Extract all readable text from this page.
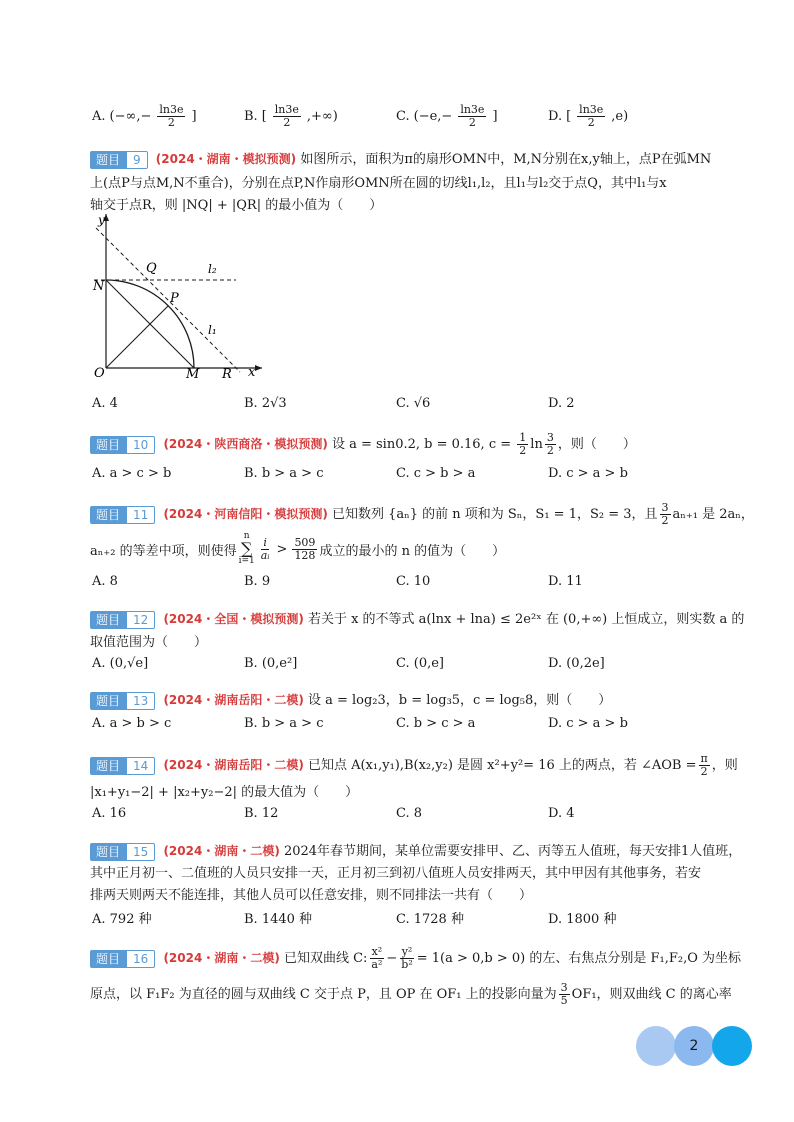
A. (−∞,− $\frac{\ln 3e}{2}$ ]	B. [ $\frac{\ln 3e}{2}$ ,+∞)	C. ($-e,- \frac{\ln 3e}{2}$ ]	D. [ $\frac{\ln 3e}{2} ,e$)
题目	9	(2024・湖南・模拟预测) 如图所示，面积为π的扇形OMN中，M,N分别在x,y轴上，点P在弧MN
上(点P与点M,N不重合)，分别在点P,N作扇形OMN所在圆的切线l₁,l₂，且l₁与l₂交于点Q，其中l₁与x
轴交于点R，则 |NQ| + |QR| 的最小值为（　　）
y
x
O	M R
N
Q
P
l₂
l₁
A. 4	B. 2√3	C. √6	D. 2
题目	10	(2024・陕西商洛・模拟预测) 设 a = sin0.2, b = 0.16, $c = \frac{1}{2}$ $\ln \frac{3}{2}$ ，则（　　）
A. a > c > b	B. b > a > c	C. c > b > a	D. c > a > b
题目	11	(2024・河南信阳・模拟预测) 已知数列 {aₙ} 的前 n 项和为 Sₙ，S₁ = 1，S₂ = 3，且 $\frac{3}{2} a_{n+1}$ 是 2aₙ，
aₙ₊₂ 的等差中项，则使得
n
∑
$i=1 \frac{i}{\text{aᵢ}} > \frac{509}{128}$ 成立的最小的 n 的值为（　　）
A. 8	B. 9	C. 10	D. 11
题目	12	(2024・全国・模拟预测) 若关于 x 的不等式 a(lnx + lna) ≤ 2e²ˣ 在 (0,+∞) 上恒成立，则实数 a 的
取值范围为（　　）
A. (0,√e]	B. (0,e²]	C. (0,e]	D. (0,2e]
题目	13	(2024・湖南岳阳・二模) 设 a = log₂3，b = log₃5，c = log₅8，则（　　）
A. a > b > c	B. b > a > c	C. b > c > a	D. c > a > b
题目	14	(2024・湖南岳阳・二模) 已知点 A(x₁,y₁),B(x₂,y₂) 是圆 x²+y²= 16 上的两点，若 ∠AOB = $\frac{\pi}{2}$ ，则
|x₁+y₁−2| + |x₂+y₂−2| 的最大值为（　　）
A. 16	B. 12	C. 8	D. 4
题目	15	(2024・湖南・二模) 2024年春节期间，某单位需要安排甲、乙、丙等五人值班，每天安排1人值班，
其中正月初一、二值班的人员只安排一天，正月初三到初八值班人员安排两天，其中甲因有其他事务，若安
排两天则两天不能连排，其他人员可以任意安排，则不同排法一共有（　　）
A. 792 种	B. 1440 种	C. 1728 种	D. 1800 种
题目	16	(2024・湖南・二模) 已知双曲线 C: $\frac{\text{x²}}{\text{a²}} - \frac{\text{y²}}{\text{b²}} = 1(a > 0,b > 0)$ 的左、右焦点分别是 F₁,F₂,O 为坐标
原点，以 F₁F₂ 为直径的圆与双曲线 C 交于点 P，且 OP 在 OF₁ 上的投影向量为 $\frac{3}{5} OF_1$，则双曲线 C 的离心率
2
